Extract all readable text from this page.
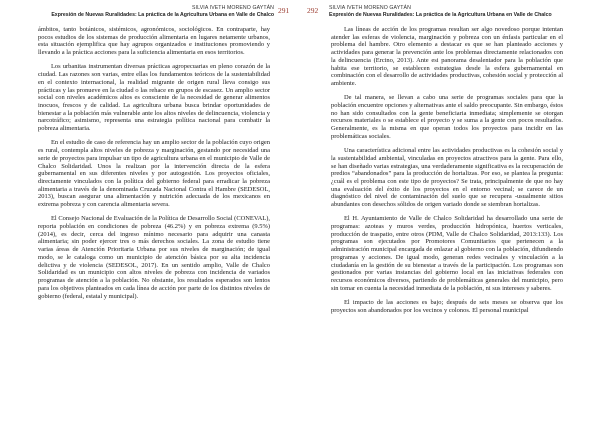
SILVIA IVETH MORENO GAYTÁN
Expresión de Nuevas Ruralidades: La práctica de la Agricultura Urbana en Valle de Chalco 291

ámbitos, tanto botánicos, sistémicos, agronómicos, sociológicos. En contraparte, hay pocos estudios de los sistemas de producción alimentaria en lugares netamente urbanos, esta situación ejemplifica que hay agrupos organizados e instituciones promoviendo y llevando a la práctica acciones para la suficiencia alimentaria en esos territorios.

Los urbanitas instrumentan diversas prácticas agropecuarias en pleno corazón de la ciudad. Las razones son varias, entre ellas los fundamentos teóricos de la sustentabilidad en el contexto internacional, la realidad migrante de origen rural lleva consigo sus prácticas y las pronueve en la ciudad o las rehace en grupos de escasez. Un amplio sector social con niveles académicos altos es consciente de la necesidad de generar alimentos inocuos, frescos y de calidad. La agricultura urbana busca brindar oportunidades de bienestar a la población más vulnerable ante los altos niveles de delincuencia, violencia y narcotráfico; asimismo, representa una estrategia política nacional para combatir la pobreza alimentaria.

En el estudio de caso de referencia hay un amplio sector de la población cuyo origen es rural, contempla altos niveles de pobreza y marginación, gestando por necesidad una serie de proyectos para impulsar un tipo de agricultura urbana en el municipio de Valle de Chalco Solidaridad. Unos la realizan por la intervención directa de la esfera gubernamental en sus diferentes niveles y por autogestión. Los proyectos oficiales, directamente vinculados con la política del gobierno federal para erradicar la pobreza alimentaria a través de la denominada Cruzada Nacional Contra el Hambre (SEDESOL, 2013), buscan asegurar una alimentación y nutrición adecuada de los mexicanos en extrema pobreza y con carencia alimentaria severa.

El Consejo Nacional de Evaluación de la Política de Desarrollo Social (CONEVAL), reporta población en condiciones de pobreza (46.2%) y en pobreza extrema (9.5%) (2014), es decir, cerca del ingreso mínimo necesario para adquirir una canasta alimentaria; sin poder ejercer tres o más derechos sociales. La zona de estudio tiene varias áreas de Atención Prioritaria Urbana por sus niveles de marginación; de igual modo, se le cataloga como un municipio de atención básica por su alta incidencia delictiva y de violencia (SEDESOL, 2017). En un sentido amplio, Valle de Chalco Solidaridad es un municipio con altos niveles de pobreza con incidencia de variados programas de atención a la población. No obstante, los resultados esperados son lentos para los objetivos planteados en cada línea de acción por parte de los distintos niveles de gobierno (federal, estatal y municipal).

292 SILVIA IVETH MORENO GAYTÁN
Expresión de Nuevas Ruralidades: La práctica de la Agricultura Urbana en Valle de Chalco

Las líneas de acción de los programas resultan ser algo novedoso porque intentan atender las esferas de violencia, marginación y pobreza con un énfasis particular en el problema del hambre. Otro elemento a destacar es que se han planteado acciones y actividades para generar la prevención ante los problemas directamente relacionados con la delincuencia (Ercino, 2013). Ante esi panorama desalentador para la población que habita ese territorio, se establecen estrategias desde la esfera gubernamental en combinación con el desarrollo de actividades productivas, cohesión social y protección al ambiente.

De tal manera, se llevan a cabo una serie de programas sociales para que la población encuentre opciones y alternativas ante el saldo preocupante. Sin embargo, éstos no han sido consultados con la gente beneficiaria inmediata; simplemente se otorgan recursos materiales o se establece el proyecto y se suma a la gente con pocos resultados. Generalmente, es la misma en que operan todos los proyectos para incidir en las problemáticas sociales.

Una característica adicional entre las actividades productivas es la cohesión social y la sustentabilidad ambiental, vinculadas en proyectos atractivos para la gente. Para ello, se han diseñado varias estrategias, una verdaderamente significativa es la recuperación de predios “abandonados” para la producción de hortalizas. Por eso, se plantea la pregunta: ¿cuál es el problema con este tipo de proyectos? Se trata, principalmente de que no hay una evaluación del éxito de los proyectos en el entorno vecinal; se carece de un diagnóstico del nivel de contaminación del suelo que se recupera -usualmente sitios abundantes con desechos sólidos de origen variado donde se siembran hortalizas.

El H. Ayuntamiento de Valle de Chalco Solidaridad ha desarrollado una serie de programas: azoteas y muros verdes, producción hidropónica, huertos verticales, producción de traspatio, entre otros (PDM, Valle de Chalco Solidaridad, 2013:133). Los programas son ejecutados por Promotores Comunitarios que pertenecen a la administración municipal encargada de enlazar al gobierno con la población, difundiendo programas y acciones. De igual modo, generan redes vecinales y vinculación a la ciudadanía en la gestión de su bienestar a través de la participación. Los programas son gestionados por varias instancias del gobierno local en las iniciativas federales con recursos económicos diversos, partiendo de problemáticas generales del municipio, pero sin tomar en cuenta la necesidad inmediata de la población, ni sus intereses y saberes.

El impacto de las acciones es bajo; después de seis meses se observa que los proyectos son abandonados por los vecinos y colonos. El personal municipal
